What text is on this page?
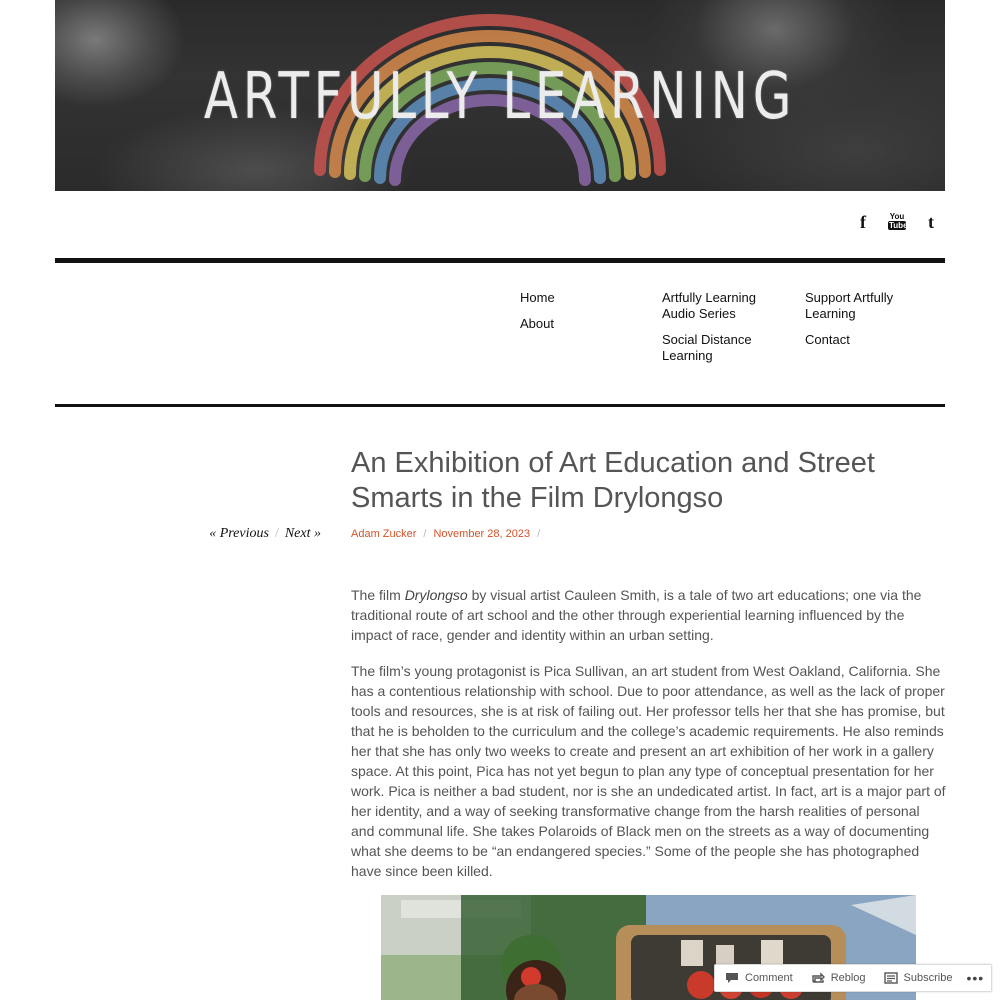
ARTFULLY LEARNING
f	You
Tube	t
Home
About
Artfully Learning Audio Series
Social Distance Learning
Support Artfully Learning
Contact
An Exhibition of Art Education and Street Smarts in the Film Drylongso
« Previous / Next »	Adam Zucker / November 28, 2023 /

The film Drylongso by visual artist Cauleen Smith, is a tale of two art educations; one via the traditional route of art school and the other through experiential learning influenced by the impact of race, gender and identity within an urban setting.

The film’s young protagonist is Pica Sullivan, an art student from West Oakland, California. She has a contentious relationship with school. Due to poor attendance, as well as the lack of proper tools and resources, she is at risk of failing out. Her professor tells her that she has promise, but that he is beholden to the curriculum and the college’s academic requirements. He also reminds her that she has only two weeks to create and present an art exhibition of her work in a gallery space. At this point, Pica has not yet begun to plan any type of conceptual presentation for her work. Pica is neither a bad student, nor is she an undedicated artist. In fact, art is a major part of her identity, and a way of seeking transformative change from the harsh realities of personal and communal life. She takes Polaroids of Black men on the streets as a way of documenting what she deems to be “an endangered species.” Some of the people she has photographed have since been killed.

Comment	Reblog	Subscribe •••
